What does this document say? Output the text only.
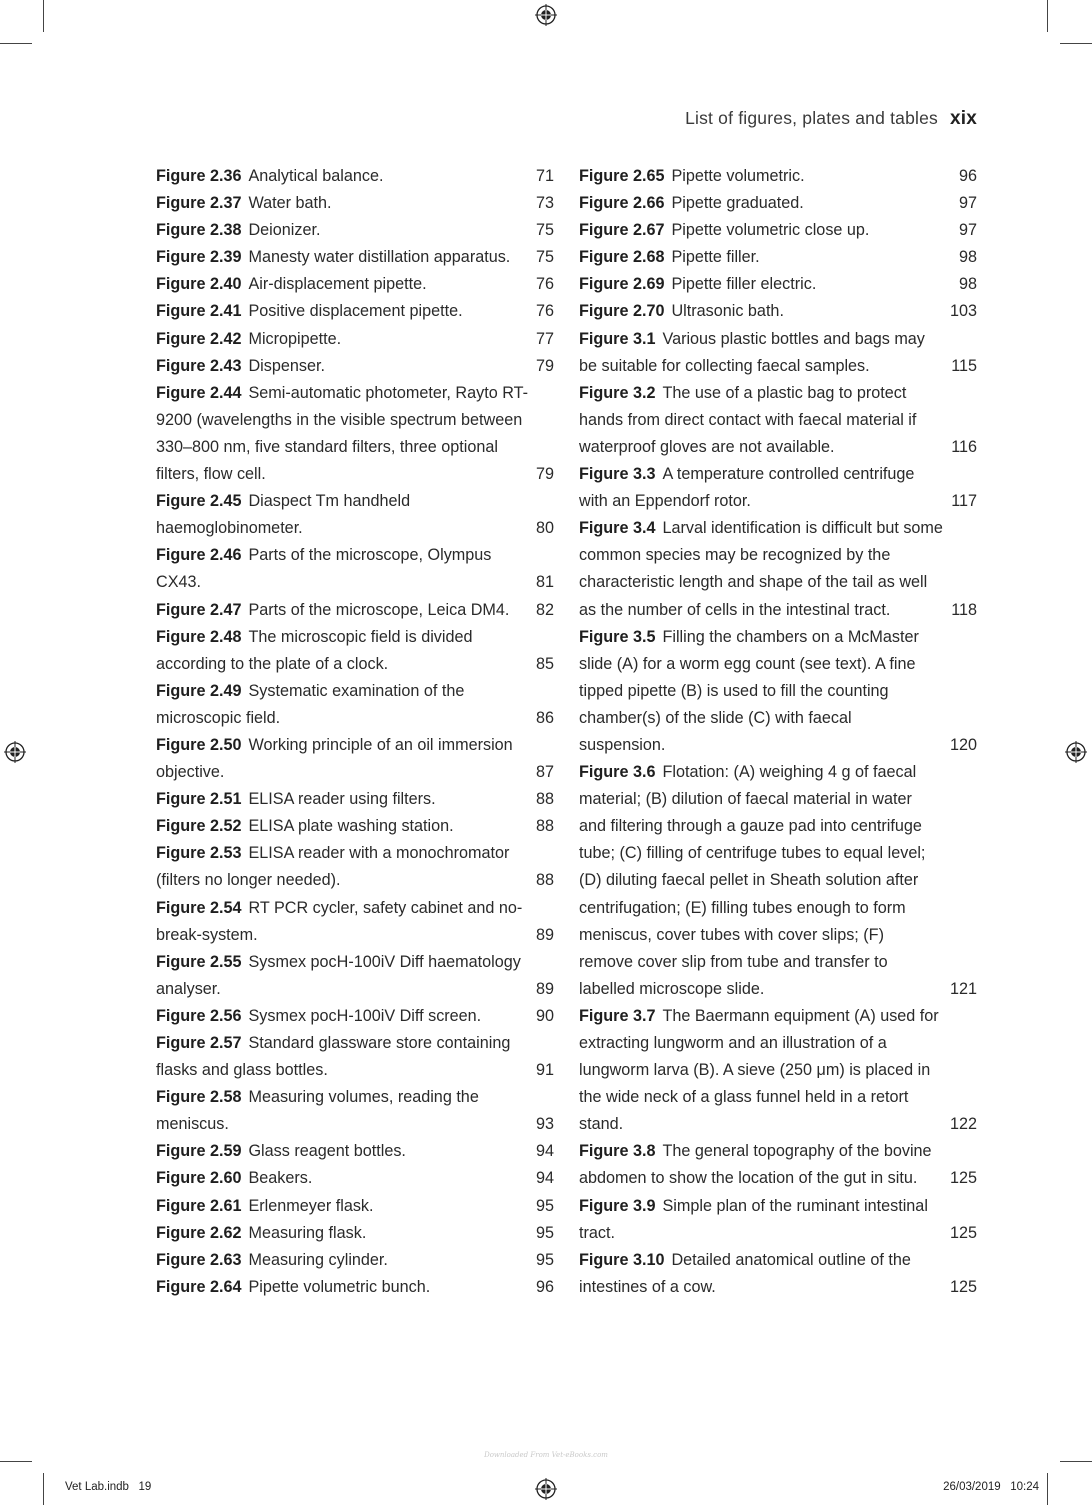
List of figures, plates and tables xix
Figure 2.36 Analytical balance.	71
Figure 2.37 Water bath.	73
Figure 2.38 Deionizer.	75
Figure 2.39 Manesty water distillation apparatus.	75
Figure 2.40 Air-displacement pipette.	76
Figure 2.41 Positive displacement pipette.	76
Figure 2.42 Micropipette.	77
Figure 2.43 Dispenser.	79
Figure 2.44 Semi-automatic photometer, Rayto RT-9200 (wavelengths in the visible spectrum between 330–800 nm, five standard filters, three optional filters, flow cell.	79
Figure 2.45 Diaspect Tm handheld haemoglobinometer.	80
Figure 2.46 Parts of the microscope, Olympus CX43.	81
Figure 2.47 Parts of the microscope, Leica DM4.	82
Figure 2.48 The microscopic field is divided according to the plate of a clock.	85
Figure 2.49 Systematic examination of the microscopic field.	86
Figure 2.50 Working principle of an oil immersion objective.	87
Figure 2.51 ELISA reader using filters.	88
Figure 2.52 ELISA plate washing station.	88
Figure 2.53 ELISA reader with a monochromator (filters no longer needed).	88
Figure 2.54 RT PCR cycler, safety cabinet and no-break-system.	89
Figure 2.55 Sysmex pocH-100iV Diff haematology analyser.	89
Figure 2.56 Sysmex pocH-100iV Diff screen.	90
Figure 2.57 Standard glassware store containing flasks and glass bottles.	91
Figure 2.58 Measuring volumes, reading the meniscus.	93
Figure 2.59 Glass reagent bottles.	94
Figure 2.60 Beakers.	94
Figure 2.61 Erlenmeyer flask.	95
Figure 2.62 Measuring flask.	95
Figure 2.63 Measuring cylinder.	95
Figure 2.64 Pipette volumetric bunch.	96
Figure 2.65 Pipette volumetric.	96
Figure 2.66 Pipette graduated.	97
Figure 2.67 Pipette volumetric close up.	97
Figure 2.68 Pipette filler.	98
Figure 2.69 Pipette filler electric.	98
Figure 2.70 Ultrasonic bath.	103
Figure 3.1 Various plastic bottles and bags may be suitable for collecting faecal samples.	115
Figure 3.2 The use of a plastic bag to protect hands from direct contact with faecal material if waterproof gloves are not available.	116
Figure 3.3 A temperature controlled centrifuge with an Eppendorf rotor.	117
Figure 3.4 Larval identification is difficult but some common species may be recognized by the characteristic length and shape of the tail as well as the number of cells in the intestinal tract.	118
Figure 3.5 Filling the chambers on a McMaster slide (A) for a worm egg count (see text). A fine tipped pipette (B) is used to fill the counting chamber(s) of the slide (C) with faecal suspension.	120
Figure 3.6 Flotation: (A) weighing 4 g of faecal material; (B) dilution of faecal material in water and filtering through a gauze pad into centrifuge tube; (C) filling of centrifuge tubes to equal level; (D) diluting faecal pellet in Sheath solution after centrifugation; (E) filling tubes enough to form meniscus, cover tubes with cover slips; (F) remove cover slip from tube and transfer to labelled microscope slide.	121
Figure 3.7 The Baermann equipment (A) used for extracting lungworm and an illustration of a lungworm larva (B). A sieve (250 μm) is placed in the wide neck of a glass funnel held in a retort stand.	122
Figure 3.8 The general topography of the bovine abdomen to show the location of the gut in situ.	125
Figure 3.9 Simple plan of the ruminant intestinal tract.	125
Figure 3.10 Detailed anatomical outline of the intestines of a cow.	125
Downloaded From Vet-eBooks.com
Vet Lab.indb   19	26/03/2019   10:24
